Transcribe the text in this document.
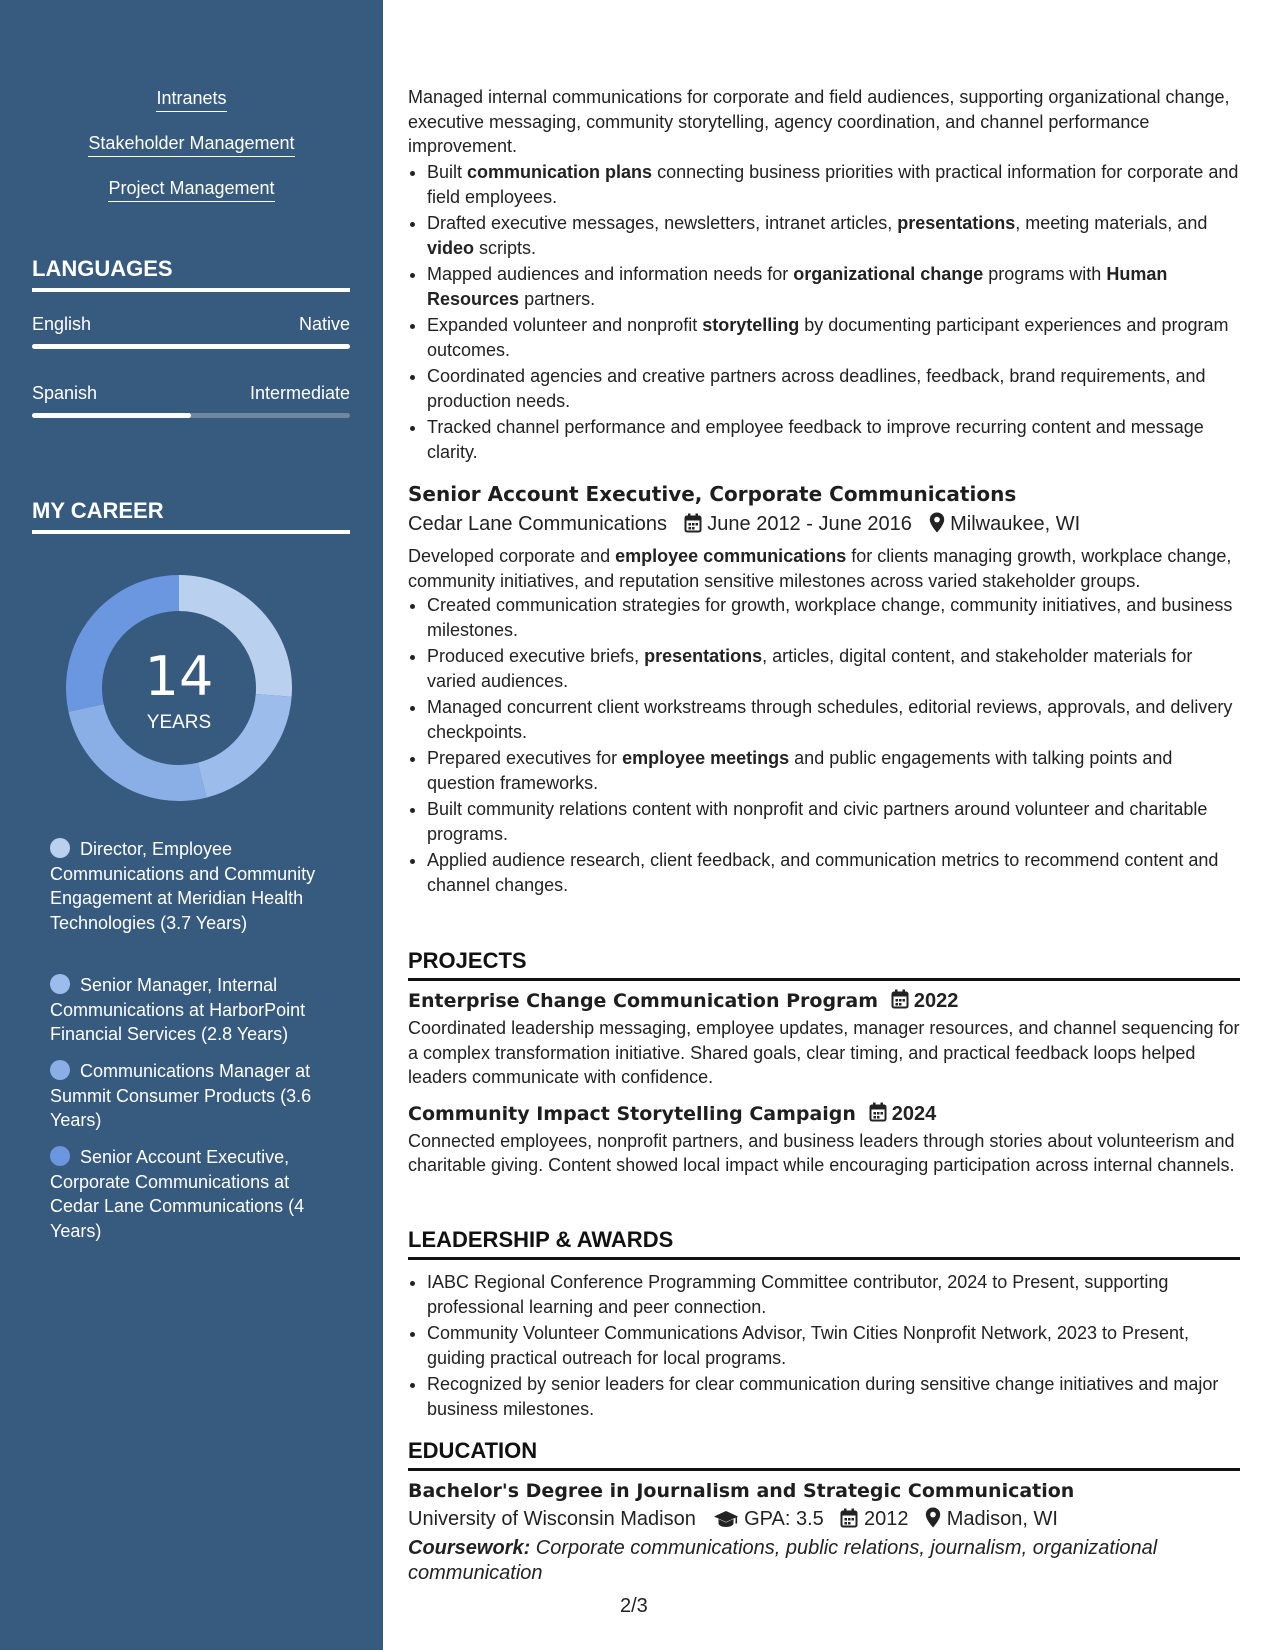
Intranets
Stakeholder Management
Project Management
LANGUAGES
English	Native
Spanish	Intermediate
MY CAREER
14
YEARS
Director, Employee Communications and Community Engagement at Meridian Health Technologies (3.7 Years)
Senior Manager, Internal Communications at HarborPoint Financial Services (2.8 Years)
Communications Manager at Summit Consumer Products (3.6 Years)
Senior Account Executive, Corporate Communications at Cedar Lane Communications (4 Years)
Managed internal communications for corporate and field audiences, supporting organizational change, executive messaging, community storytelling, agency coordination, and channel performance improvement.
• Built communication plans connecting business priorities with practical information for corporate and field employees.
• Drafted executive messages, newsletters, intranet articles, presentations, meeting materials, and video scripts.
• Mapped audiences and information needs for organizational change programs with Human Resources partners.
• Expanded volunteer and nonprofit storytelling by documenting participant experiences and program outcomes.
• Coordinated agencies and creative partners across deadlines, feedback, brand requirements, and production needs.
• Tracked channel performance and employee feedback to improve recurring content and message clarity.
Senior Account Executive, Corporate Communications
Cedar Lane Communications June 2012 - June 2016 Milwaukee, WI
Developed corporate and employee communications for clients managing growth, workplace change, community initiatives, and reputation sensitive milestones across varied stakeholder groups.
• Created communication strategies for growth, workplace change, community initiatives, and business milestones.
• Produced executive briefs, presentations, articles, digital content, and stakeholder materials for varied audiences.
• Managed concurrent client workstreams through schedules, editorial reviews, approvals, and delivery checkpoints.
• Prepared executives for employee meetings and public engagements with talking points and question frameworks.
• Built community relations content with nonprofit and civic partners around volunteer and charitable programs.
• Applied audience research, client feedback, and communication metrics to recommend content and channel changes.
PROJECTS
Enterprise Change Communication Program 2022
Coordinated leadership messaging, employee updates, manager resources, and channel sequencing for a complex transformation initiative. Shared goals, clear timing, and practical feedback loops helped leaders communicate with confidence.
Community Impact Storytelling Campaign 2024
Connected employees, nonprofit partners, and business leaders through stories about volunteerism and charitable giving. Content showed local impact while encouraging participation across internal channels.
LEADERSHIP & AWARDS
• IABC Regional Conference Programming Committee contributor, 2024 to Present, supporting professional learning and peer connection.
• Community Volunteer Communications Advisor, Twin Cities Nonprofit Network, 2023 to Present, guiding practical outreach for local programs.
• Recognized by senior leaders for clear communication during sensitive change initiatives and major business milestones.
EDUCATION
Bachelor's Degree in Journalism and Strategic Communication
University of Wisconsin Madison GPA: 3.5 2012 Madison, WI
Coursework: Corporate communications, public relations, journalism, organizational communication
2/3
